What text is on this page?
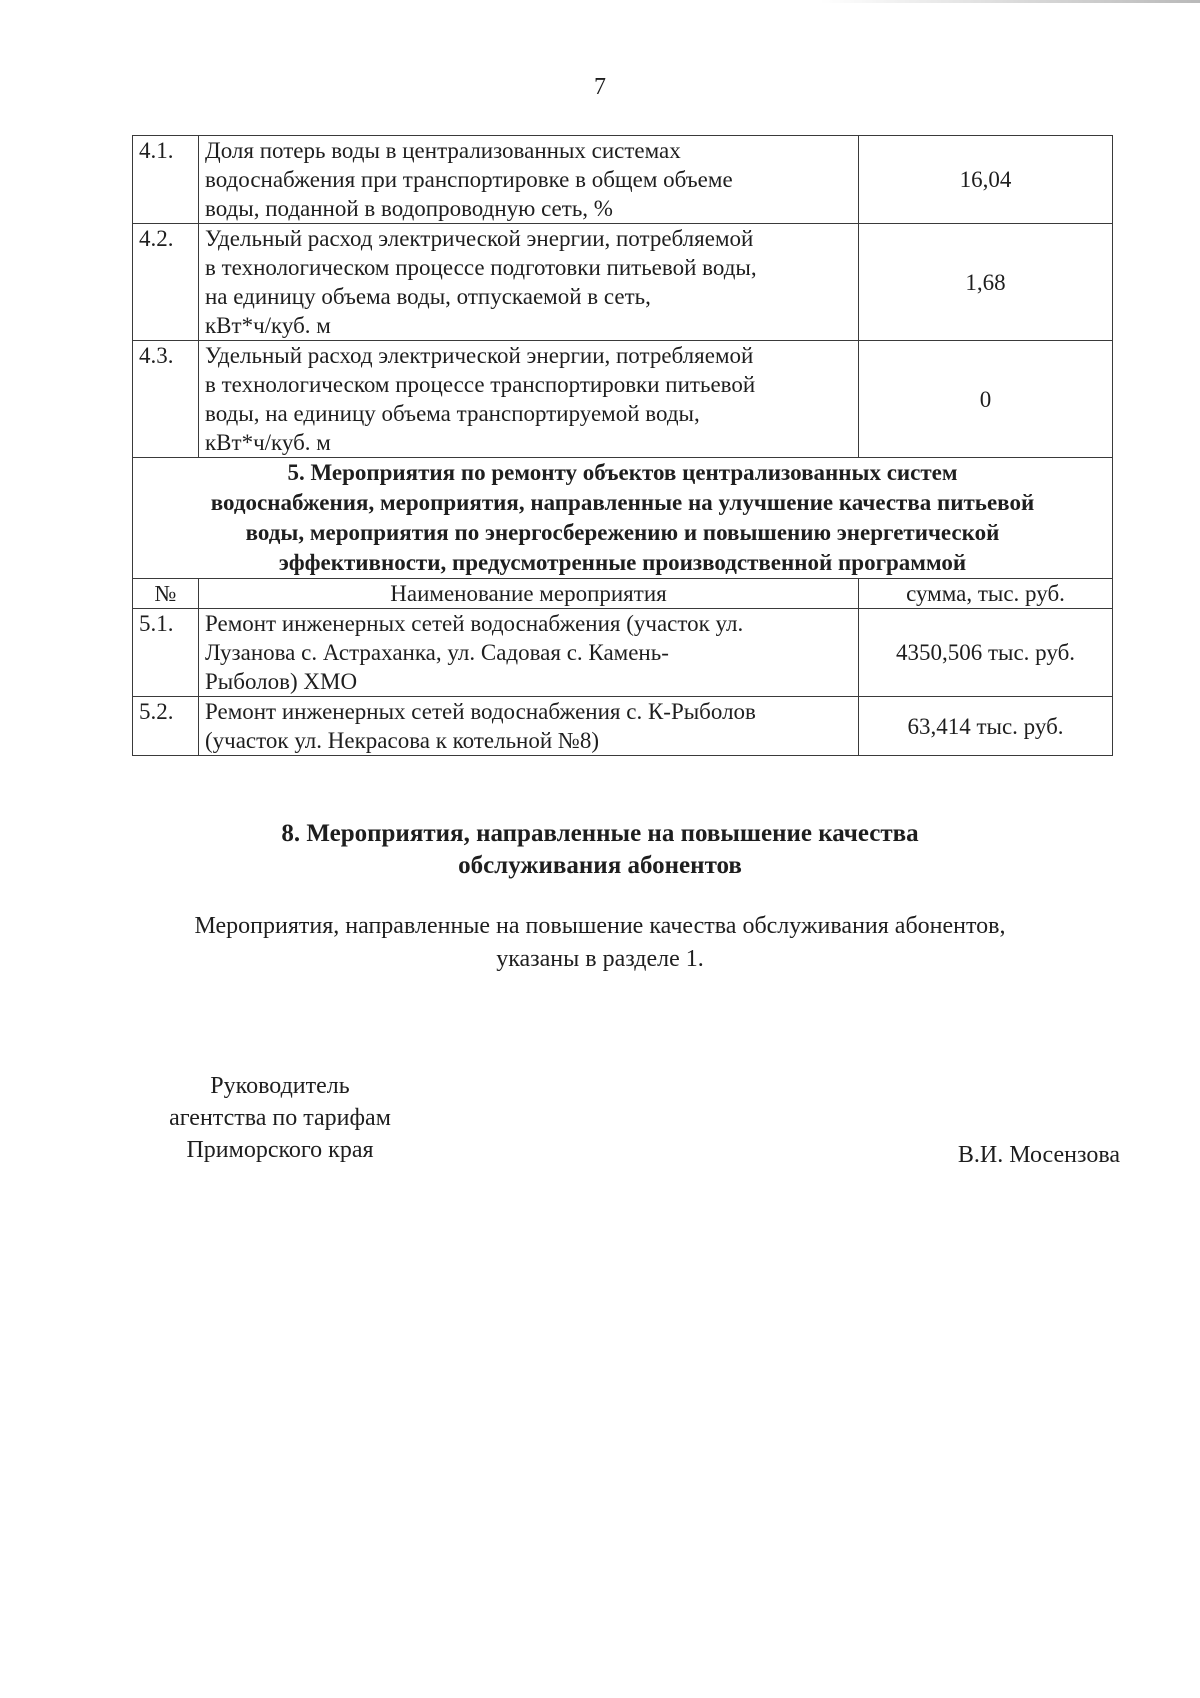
7
4.1.	Доля потерь воды в централизованных системах
водоснабжения при транспортировке в общем объеме
воды, поданной в водопроводную сеть, %	16,04
4.2.	Удельный расход электрической энергии, потребляемой
в технологическом процессе подготовки питьевой воды,
на единицу объема воды, отпускаемой в сеть,
кВт*ч/куб. м	1,68
4.3.	Удельный расход электрической энергии, потребляемой
в технологическом процессе транспортировки питьевой
воды, на единицу объема транспортируемой воды,
кВт*ч/куб. м	0

5. Мероприятия по ремонту объектов централизованных систем
водоснабжения, мероприятия, направленные на улучшение качества питьевой
воды, мероприятия по энергосбережению и повышению энергетической
эффективности, предусмотренные производственной программой		

№	Наименование мероприятия	сумма, тыс. руб.
5.1.	Ремонт инженерных сетей водоснабжения (участок ул.
Лузанова с. Астраханка, ул. Садовая с. Камень-
Рыболов) ХМО	4350,506 тыс. руб.
5.2.	Ремонт инженерных сетей водоснабжения с. К-Рыболов
(участок ул. Некрасова к котельной №8)	63,414 тыс. руб.
8. Мероприятия, направленные на повышение качества
обслуживания абонентов
Мероприятия, направленные на повышение качества обслуживания абонентов,
указаны в разделе 1.
Руководитель
агентства по тарифам
Приморского края	В.И. Мосензова
